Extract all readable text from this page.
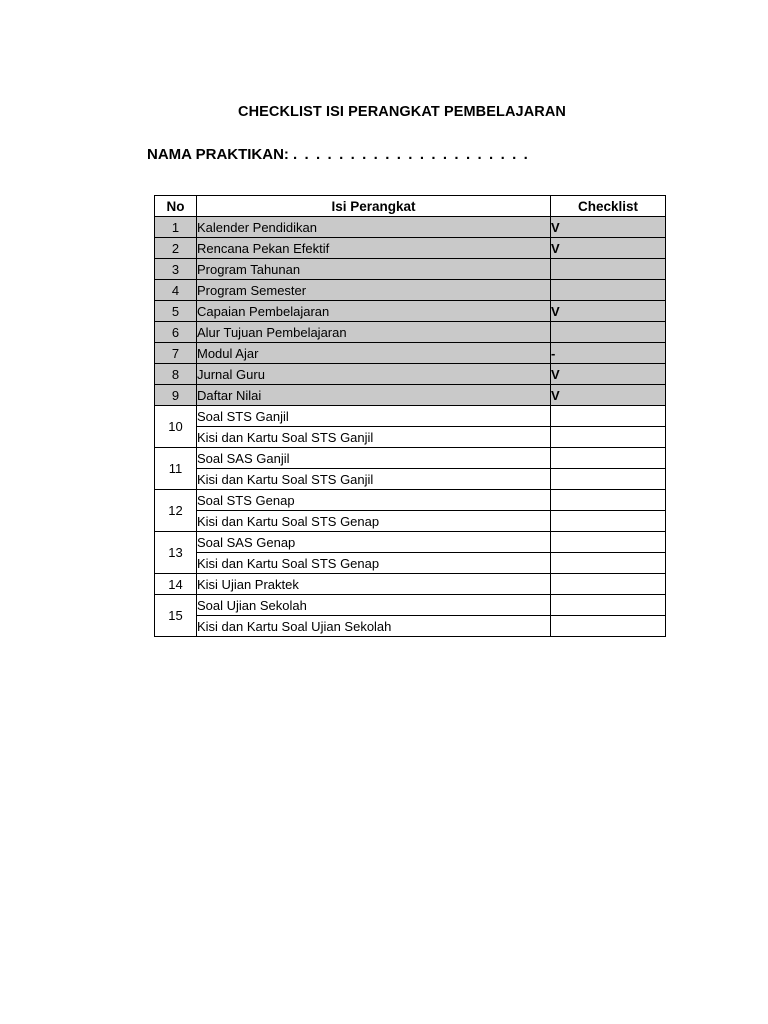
CHECKLIST ISI PERANGKAT PEMBELAJARAN
NAMA PRAKTIKAN: . . . . . . . . . . . . . . . . . . . . .
No	Isi Perangkat	Checklist
1	Kalender Pendidikan	V
2	Rencana Pekan Efektif	V
3	Program Tahunan	
4	Program Semester	
5	Capaian Pembelajaran	V
6	Alur Tujuan Pembelajaran	
7	Modul Ajar	-
8	Jurnal Guru	V
9	Daftar Nilai	V
10	Soal STS Ganjil	
	Kisi dan Kartu Soal STS Ganjil	
11	Soal SAS Ganjil	
	Kisi dan Kartu Soal STS Ganjil	
12	Soal STS Genap	
	Kisi dan Kartu Soal STS Genap	
13	Soal SAS Genap	
	Kisi dan Kartu Soal STS Genap	
14	Kisi Ujian Praktek	
15	Soal Ujian Sekolah	
	Kisi dan Kartu Soal Ujian Sekolah	
